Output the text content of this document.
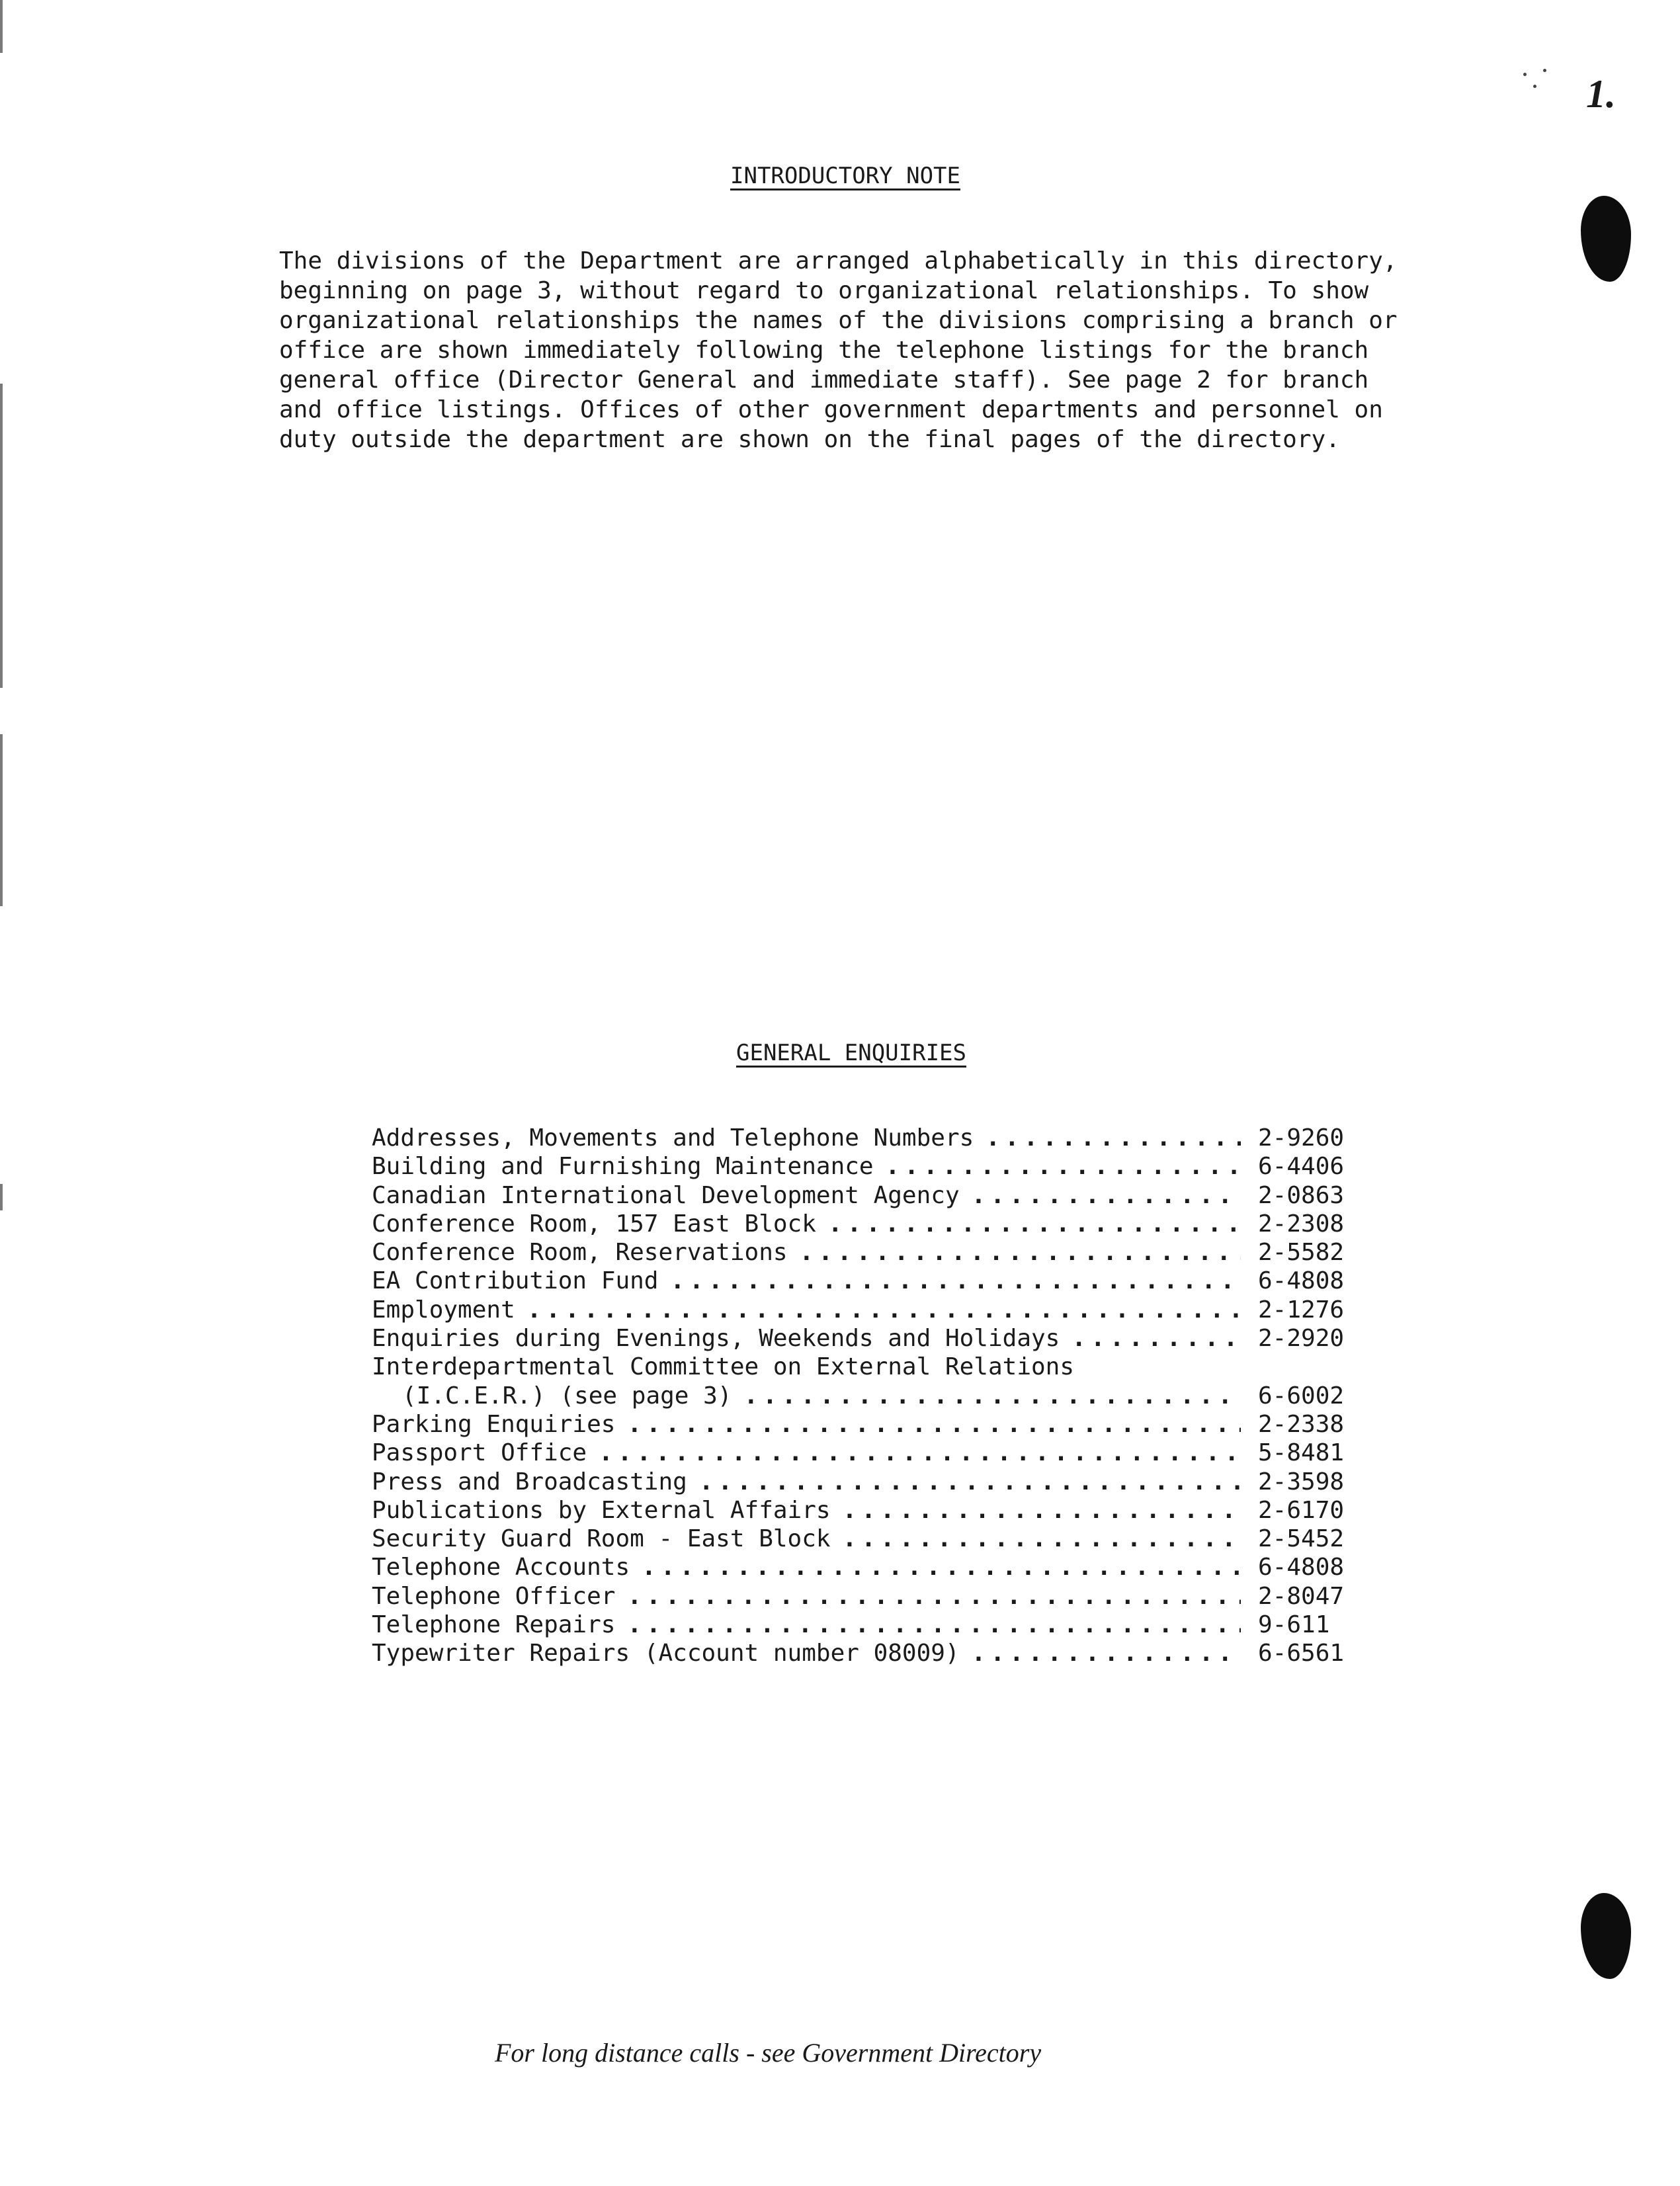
1.
INTRODUCTORY NOTE
The divisions of the Department are arranged alphabetically in this directory,
beginning on page 3, without regard to organizational relationships. To show
organizational relationships the names of the divisions comprising a branch or
office are shown immediately following the telephone listings for the branch
general office (Director General and immediate staff). See page 2 for branch
and office listings. Offices of other government departments and personnel on
duty outside the department are shown on the final pages of the directory.
GENERAL ENQUIRIES
Addresses, Movements and Telephone Numbers .....	2-9260
Building and Furnishing Maintenance .....	6-4406
Canadian International Development Agency .....	2-0863
Conference Room, 157 East Block .....	2-2308
Conference Room, Reservations .....	2-5582
EA Contribution Fund .....	6-4808
Employment .....	2-1276
Enquiries during Evenings, Weekends and Holidays .....	2-2920
Interdepartmental Committee on External Relations
(I.C.E.R.) (see page 3) .....	6-6002
Parking Enquiries .....	2-2338
Passport Office .....	5-8481
Press and Broadcasting .....	2-3598
Publications by External Affairs .....	2-6170
Security Guard Room - East Block .....	2-5452
Telephone Accounts .....	6-4808
Telephone Officer .....	2-8047
Telephone Repairs .....	9-611
Typewriter Repairs (Account number 08009) .....	6-6561
For long distance calls - see Government Directory
